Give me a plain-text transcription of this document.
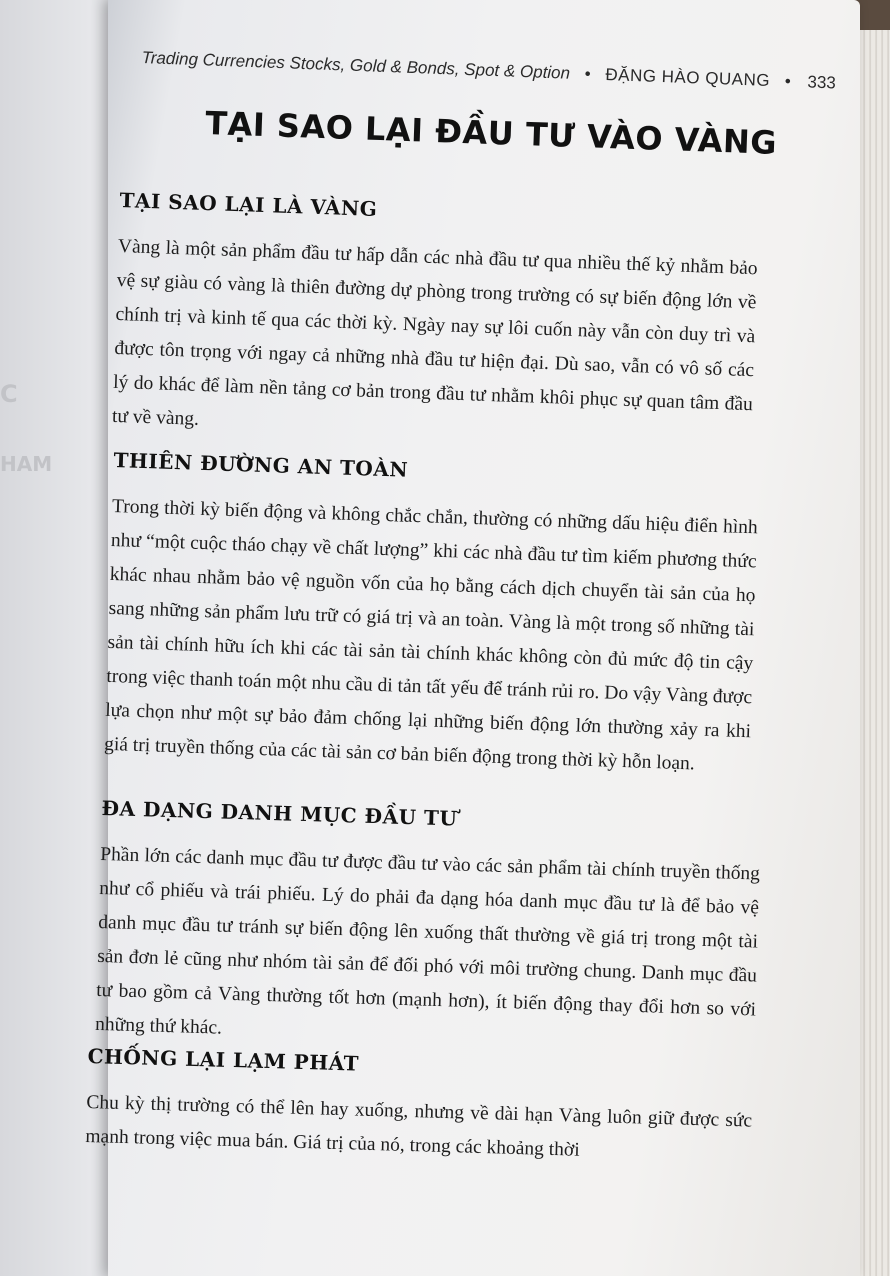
C
HAM
Trading Currencies Stocks, Gold & Bonds, Spot & Option • ĐẶNG HÀO QUANG • 333
TẠI SAO LẠI ĐẦU TƯ VÀO VÀNG
TẠI SAO LẠI LÀ VÀNG

Vàng là một sản phẩm đầu tư hấp dẫn các nhà đầu tư qua nhiều thế kỷ nhằm bảo vệ sự giàu có vàng là thiên đường dự phòng trong trường có sự biến động lớn về chính trị và kinh tế qua các thời kỳ. Ngày nay sự lôi cuốn này vẫn còn duy trì và được tôn trọng với ngay cả những nhà đầu tư hiện đại. Dù sao, vẫn có vô số các lý do khác để làm nền tảng cơ bản trong đầu tư nhằm khôi phục sự quan tâm đầu tư về vàng.

THIÊN ĐƯỜNG AN TOÀN

Trong thời kỳ biến động và không chắc chắn, thường có những dấu hiệu điển hình như “một cuộc tháo chạy về chất lượng” khi các nhà đầu tư tìm kiếm phương thức khác nhau nhằm bảo vệ nguồn vốn của họ bằng cách dịch chuyển tài sản của họ sang những sản phẩm lưu trữ có giá trị và an toàn. Vàng là một trong số những tài sản tài chính hữu ích khi các tài sản tài chính khác không còn đủ mức độ tin cậy trong việc thanh toán một nhu cầu di tản tất yếu để tránh rủi ro. Do vậy Vàng được lựa chọn như một sự bảo đảm chống lại những biến động lớn thường xảy ra khi giá trị truyền thống của các tài sản cơ bản biến động trong thời kỳ hỗn loạn.

ĐA DẠNG DANH MỤC ĐẦU TƯ

Phần lớn các danh mục đầu tư được đầu tư vào các sản phẩm tài chính truyền thống như cổ phiếu và trái phiếu. Lý do phải đa dạng hóa danh mục đầu tư là để bảo vệ danh mục đầu tư tránh sự biến động lên xuống thất thường về giá trị trong một tài sản đơn lẻ cũng như nhóm tài sản để đối phó với môi trường chung. Danh mục đầu tư bao gồm cả Vàng thường tốt hơn (mạnh hơn), ít biến động thay đổi hơn so với những thứ khác.

CHỐNG LẠI LẠM PHÁT

Chu kỳ thị trường có thể lên hay xuống, nhưng về dài hạn Vàng luôn giữ được sức mạnh trong việc mua bán. Giá trị của nó, trong các khoảng thời
